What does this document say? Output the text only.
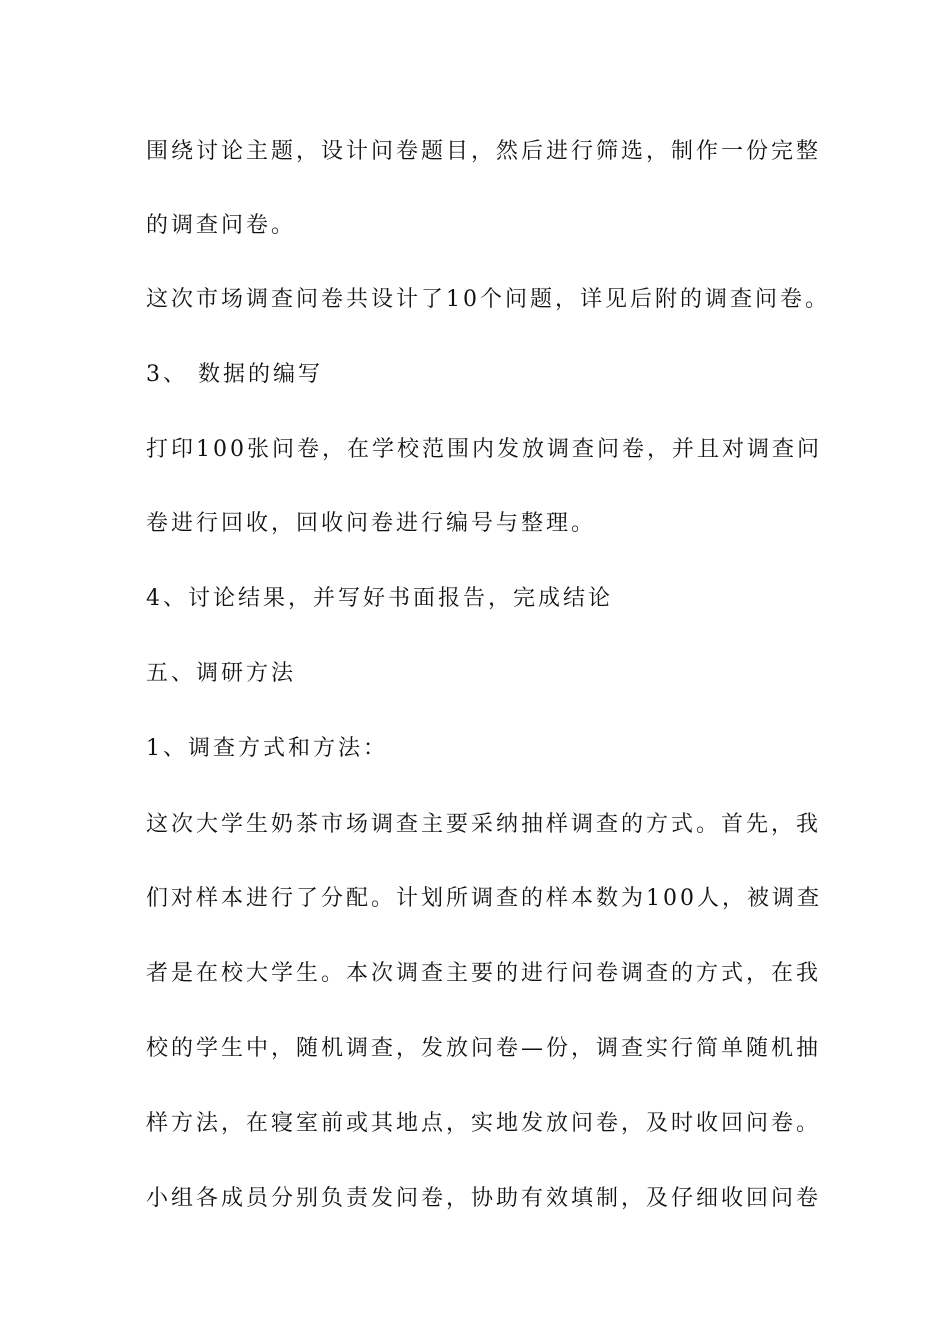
围绕讨论主题，设计问卷题目，然后进行筛选，制作一份完整
的调查问卷。
这次市场调查问卷共设计了10个问题，详见后附的调查问卷。
3、 数据的编写
打印100张问卷，在学校范围内发放调查问卷，并且对调查问
卷进行回收，回收问卷进行编号与整理。
4、讨论结果，并写好书面报告，完成结论
五、调研方法
1、调查方式和方法：
这次大学生奶茶市场调查主要采纳抽样调查的方式。首先，我
们对样本进行了分配。计划所调查的样本数为100人，被调查
者是在校大学生。本次调查主要的进行问卷调查的方式，在我
校的学生中，随机调查，发放问卷—份，调查实行简单随机抽
样方法，在寝室前或其地点，实地发放问卷，及时收回问卷。
小组各成员分别负责发问卷，协助有效填制，及仔细收回问卷
